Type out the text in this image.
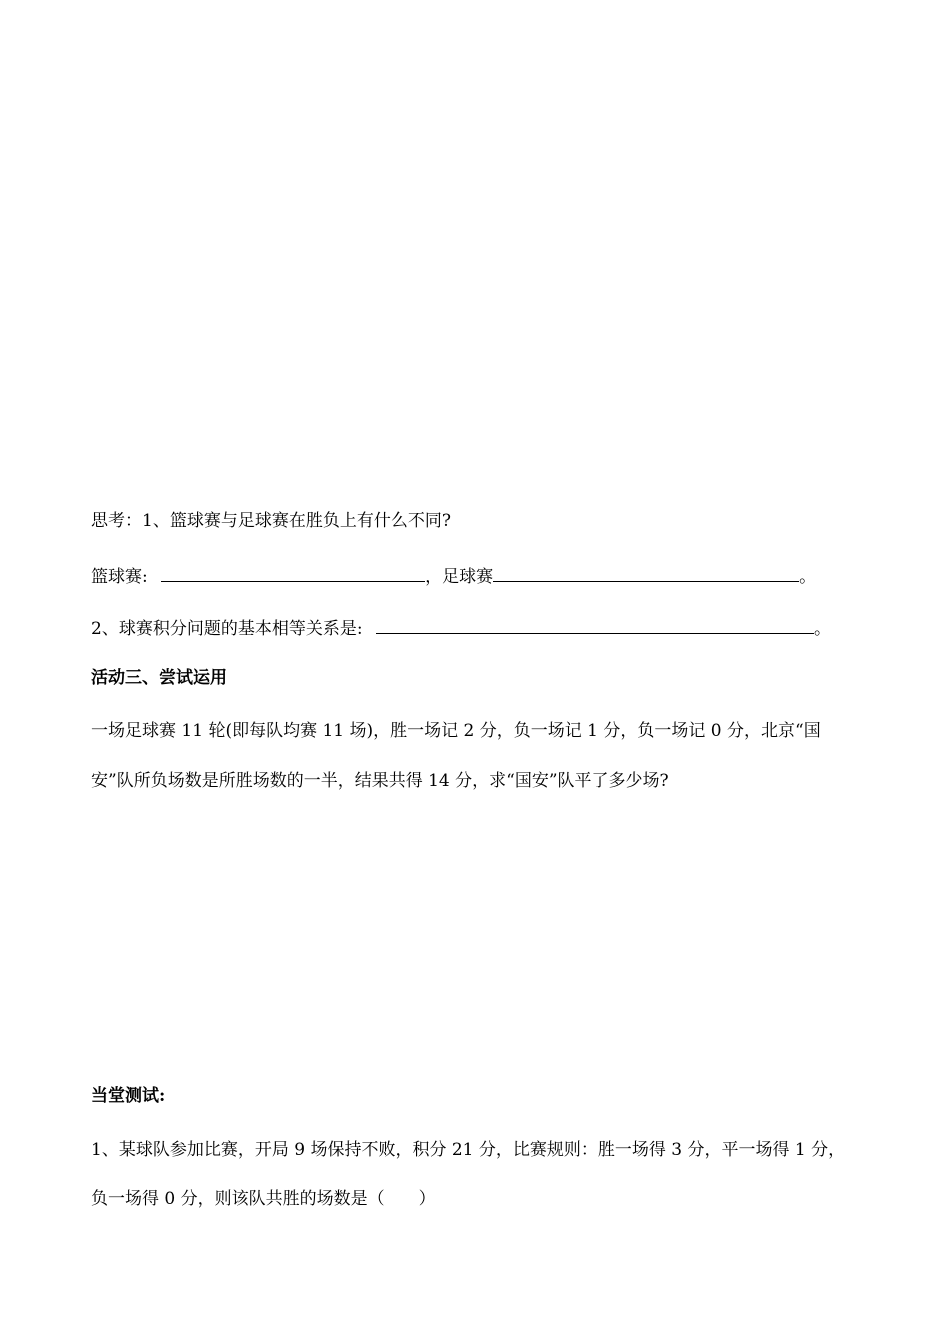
思考：1、篮球赛与足球赛在胜负上有什么不同?
篮球赛:	，足球赛	。
2、球赛积分问题的基本相等关系是:	。
活动三、尝试运用
一场足球赛 11 轮(即每队均赛 11 场)，胜一场记 2 分，负一场记 1 分，负一场记 0 分，北京“国
安”队所负场数是所胜场数的一半，结果共得 14 分，求“国安”队平了多少场?
当堂测试:
1、某球队参加比赛，开局 9 场保持不败，积分 21 分，比赛规则：胜一场得 3 分，平一场得 1 分，
负一场得 0 分，则该队共胜的场数是（ ）
